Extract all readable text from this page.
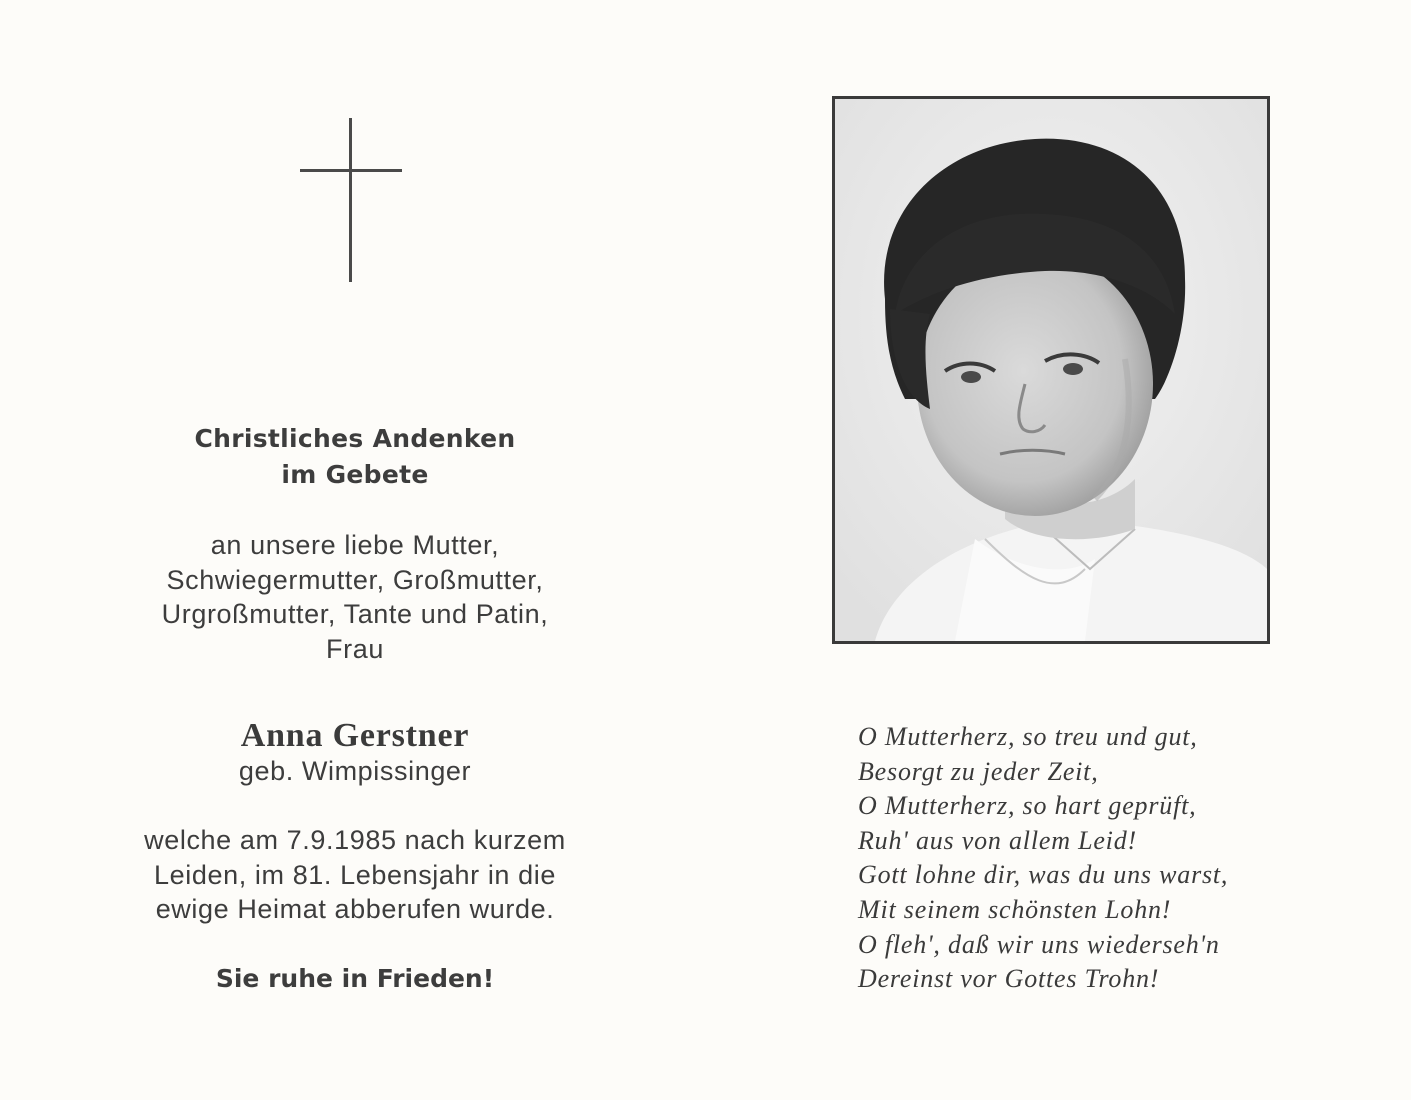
Christliches Andenken
im Gebete
an unsere liebe Mutter,
Schwiegermutter, Großmutter,
Urgroßmutter, Tante und Patin,
Frau
Anna Gerstner
geb. Wimpissinger
welche am 7.9.1985 nach kurzem
Leiden, im 81. Lebensjahr in die
ewige Heimat abberufen wurde.
Sie ruhe in Frieden!
O Mutterherz, so treu und gut,
Besorgt zu jeder Zeit,
O Mutterherz, so hart geprüft,
Ruh' aus von allem Leid!
Gott lohne dir, was du uns warst,
Mit seinem schönsten Lohn!
O fleh', daß wir uns wiederseh'n
Dereinst vor Gottes Trohn!
